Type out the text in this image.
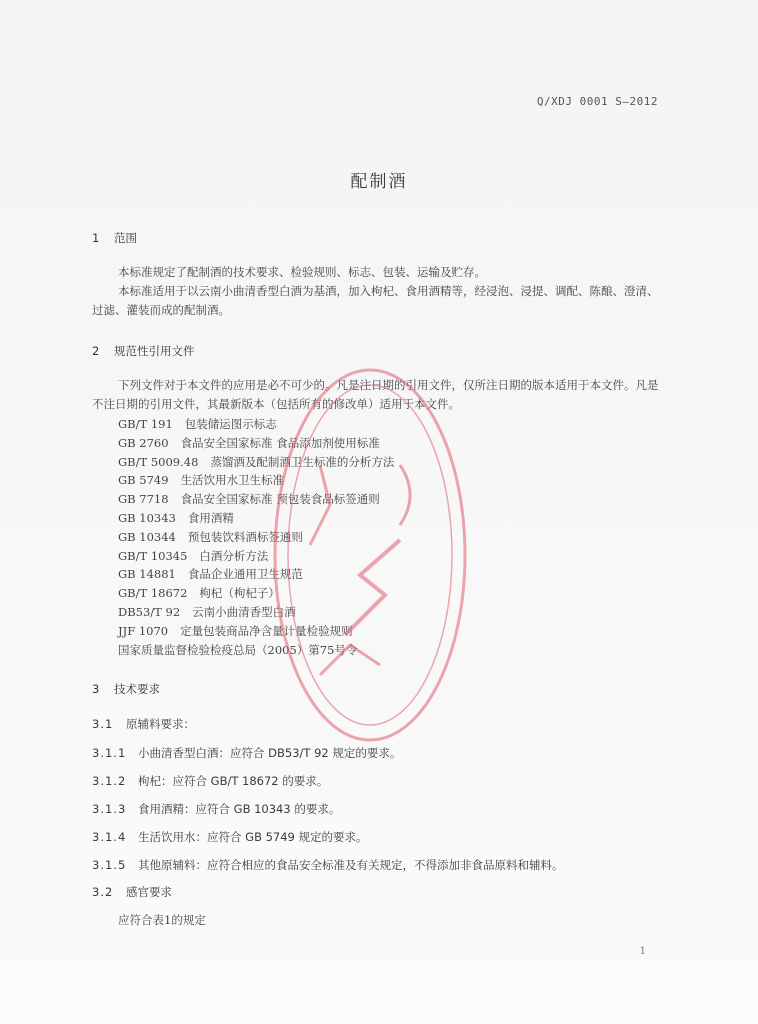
Q/XDJ 0001 S—2012
配制酒
1 范围

本标准规定了配制酒的技术要求、检验规则、标志、包装、运输及贮存。

本标准适用于以云南小曲清香型白酒为基酒，加入枸杞、食用酒精等，经浸泡、浸提、调配、陈酿、澄清、过滤、灌装而成的配制酒。

2 规范性引用文件

下列文件对于本文件的应用是必不可少的。凡是注日期的引用文件，仅所注日期的版本适用于本文件。凡是不注日期的引用文件，其最新版本（包括所有的修改单）适用于本文件。

GB/T 191 包装储运图示标志
GB 2760 食品安全国家标准 食品添加剂使用标准
GB/T 5009.48 蒸馏酒及配制酒卫生标准的分析方法
GB 5749 生活饮用水卫生标准
GB 7718 食品安全国家标准 预包装食品标签通则
GB 10343 食用酒精
GB 10344 预包装饮料酒标签通则
GB/T 10345 白酒分析方法
GB 14881 食品企业通用卫生规范
GB/T 18672 枸杞（枸杞子）
DB53/T 92 云南小曲清香型白酒
JJF 1070 定量包装商品净含量计量检验规则
国家质量监督检验检疫总局（2005）第75号令
3 技术要求
3.1 原辅料要求：
3.1.1 小曲清香型白酒：应符合 DB53/T 92 规定的要求。
3.1.2 枸杞：应符合 GB/T 18672 的要求。
3.1.3 食用酒精：应符合 GB 10343 的要求。
3.1.4 生活饮用水：应符合 GB 5749 规定的要求。
3.1.5 其他原辅料：应符合相应的食品安全标准及有关规定，不得添加非食品原料和辅料。
3.2 感官要求
应符合表1的规定
1
